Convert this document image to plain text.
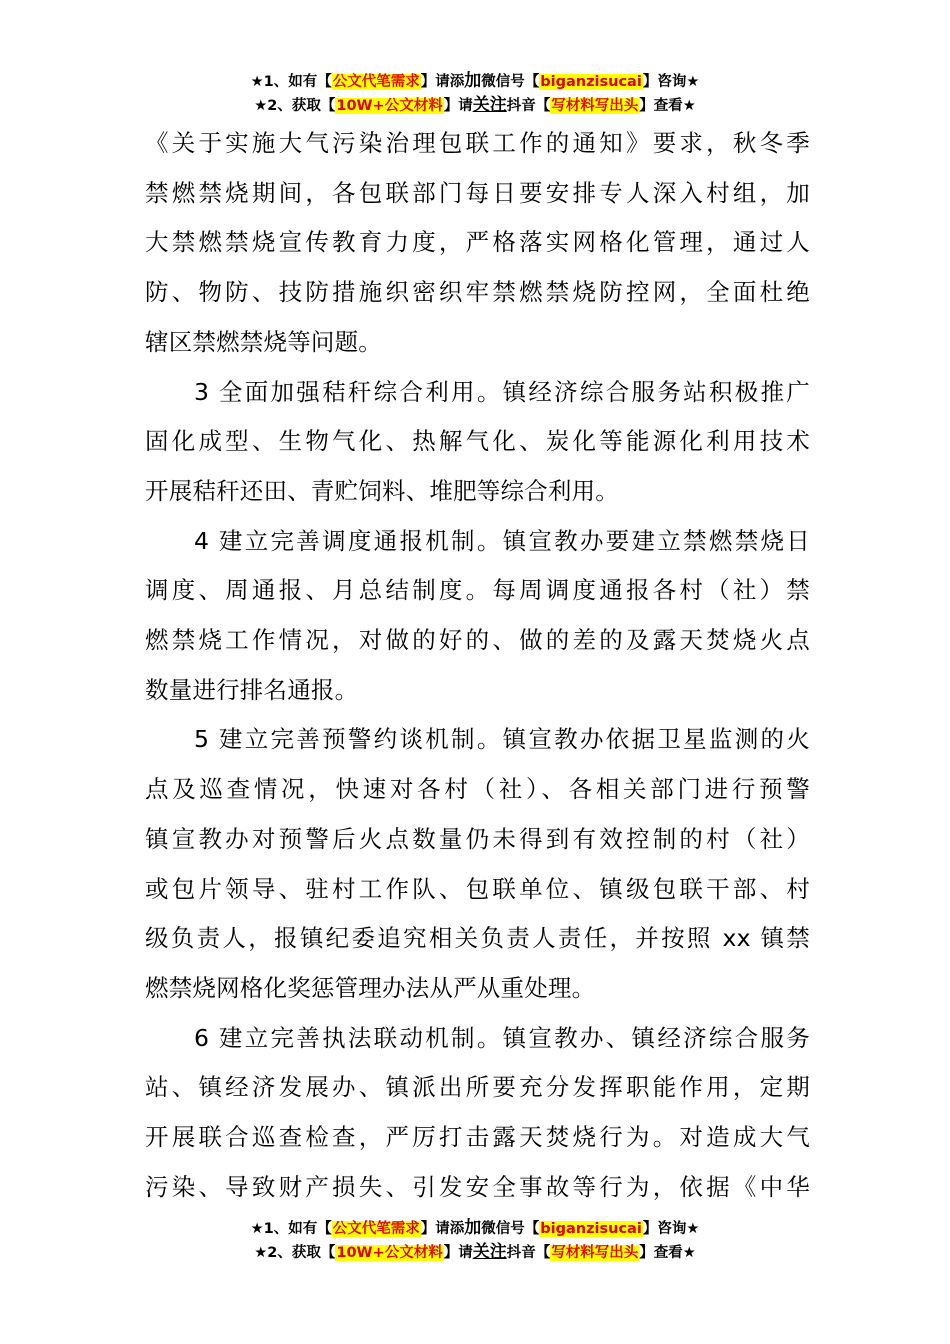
★1、如有【公文代笔需求】请添加微信号【biganzisucai】咨询★
★2、获取【10W+公文材料】请关注抖音【写材料写出头】查看★
《关于实施大气污染治理包联工作的通知》要求，秋冬季
禁燃禁烧期间，各包联部门每日要安排专人深入村组，加
大禁燃禁烧宣传教育力度，严格落实网格化管理，通过人
防、物防、技防措施织密织牢禁燃禁烧防控网，全面杜绝
辖区禁燃禁烧等问题。
3 全面加强秸秆综合利用。镇经济综合服务站积极推广
固化成型、生物气化、热解气化、炭化等能源化利用技术
开展秸秆还田、青贮饲料、堆肥等综合利用。
4 建立完善调度通报机制。镇宣教办要建立禁燃禁烧日
调度、周通报、月总结制度。每周调度通报各村（社）禁
燃禁烧工作情况，对做的好的、做的差的及露天焚烧火点
数量进行排名通报。
5 建立完善预警约谈机制。镇宣教办依据卫星监测的火
点及巡查情况，快速对各村（社）、各相关部门进行预警
镇宣教办对预警后火点数量仍未得到有效控制的村（社）
或包片领导、驻村工作队、包联单位、镇级包联干部、村
级负责人，报镇纪委追究相关负责人责任，并按照 xx 镇禁
燃禁烧网格化奖惩管理办法从严从重处理。
6 建立完善执法联动机制。镇宣教办、镇经济综合服务
站、镇经济发展办、镇派出所要充分发挥职能作用，定期
开展联合巡查检查，严厉打击露天焚烧行为。对造成大气
污染、导致财产损失、引发安全事故等行为，依据《中华
★1、如有【公文代笔需求】请添加微信号【biganzisucai】咨询★
★2、获取【10W+公文材料】请关注抖音【写材料写出头】查看★
